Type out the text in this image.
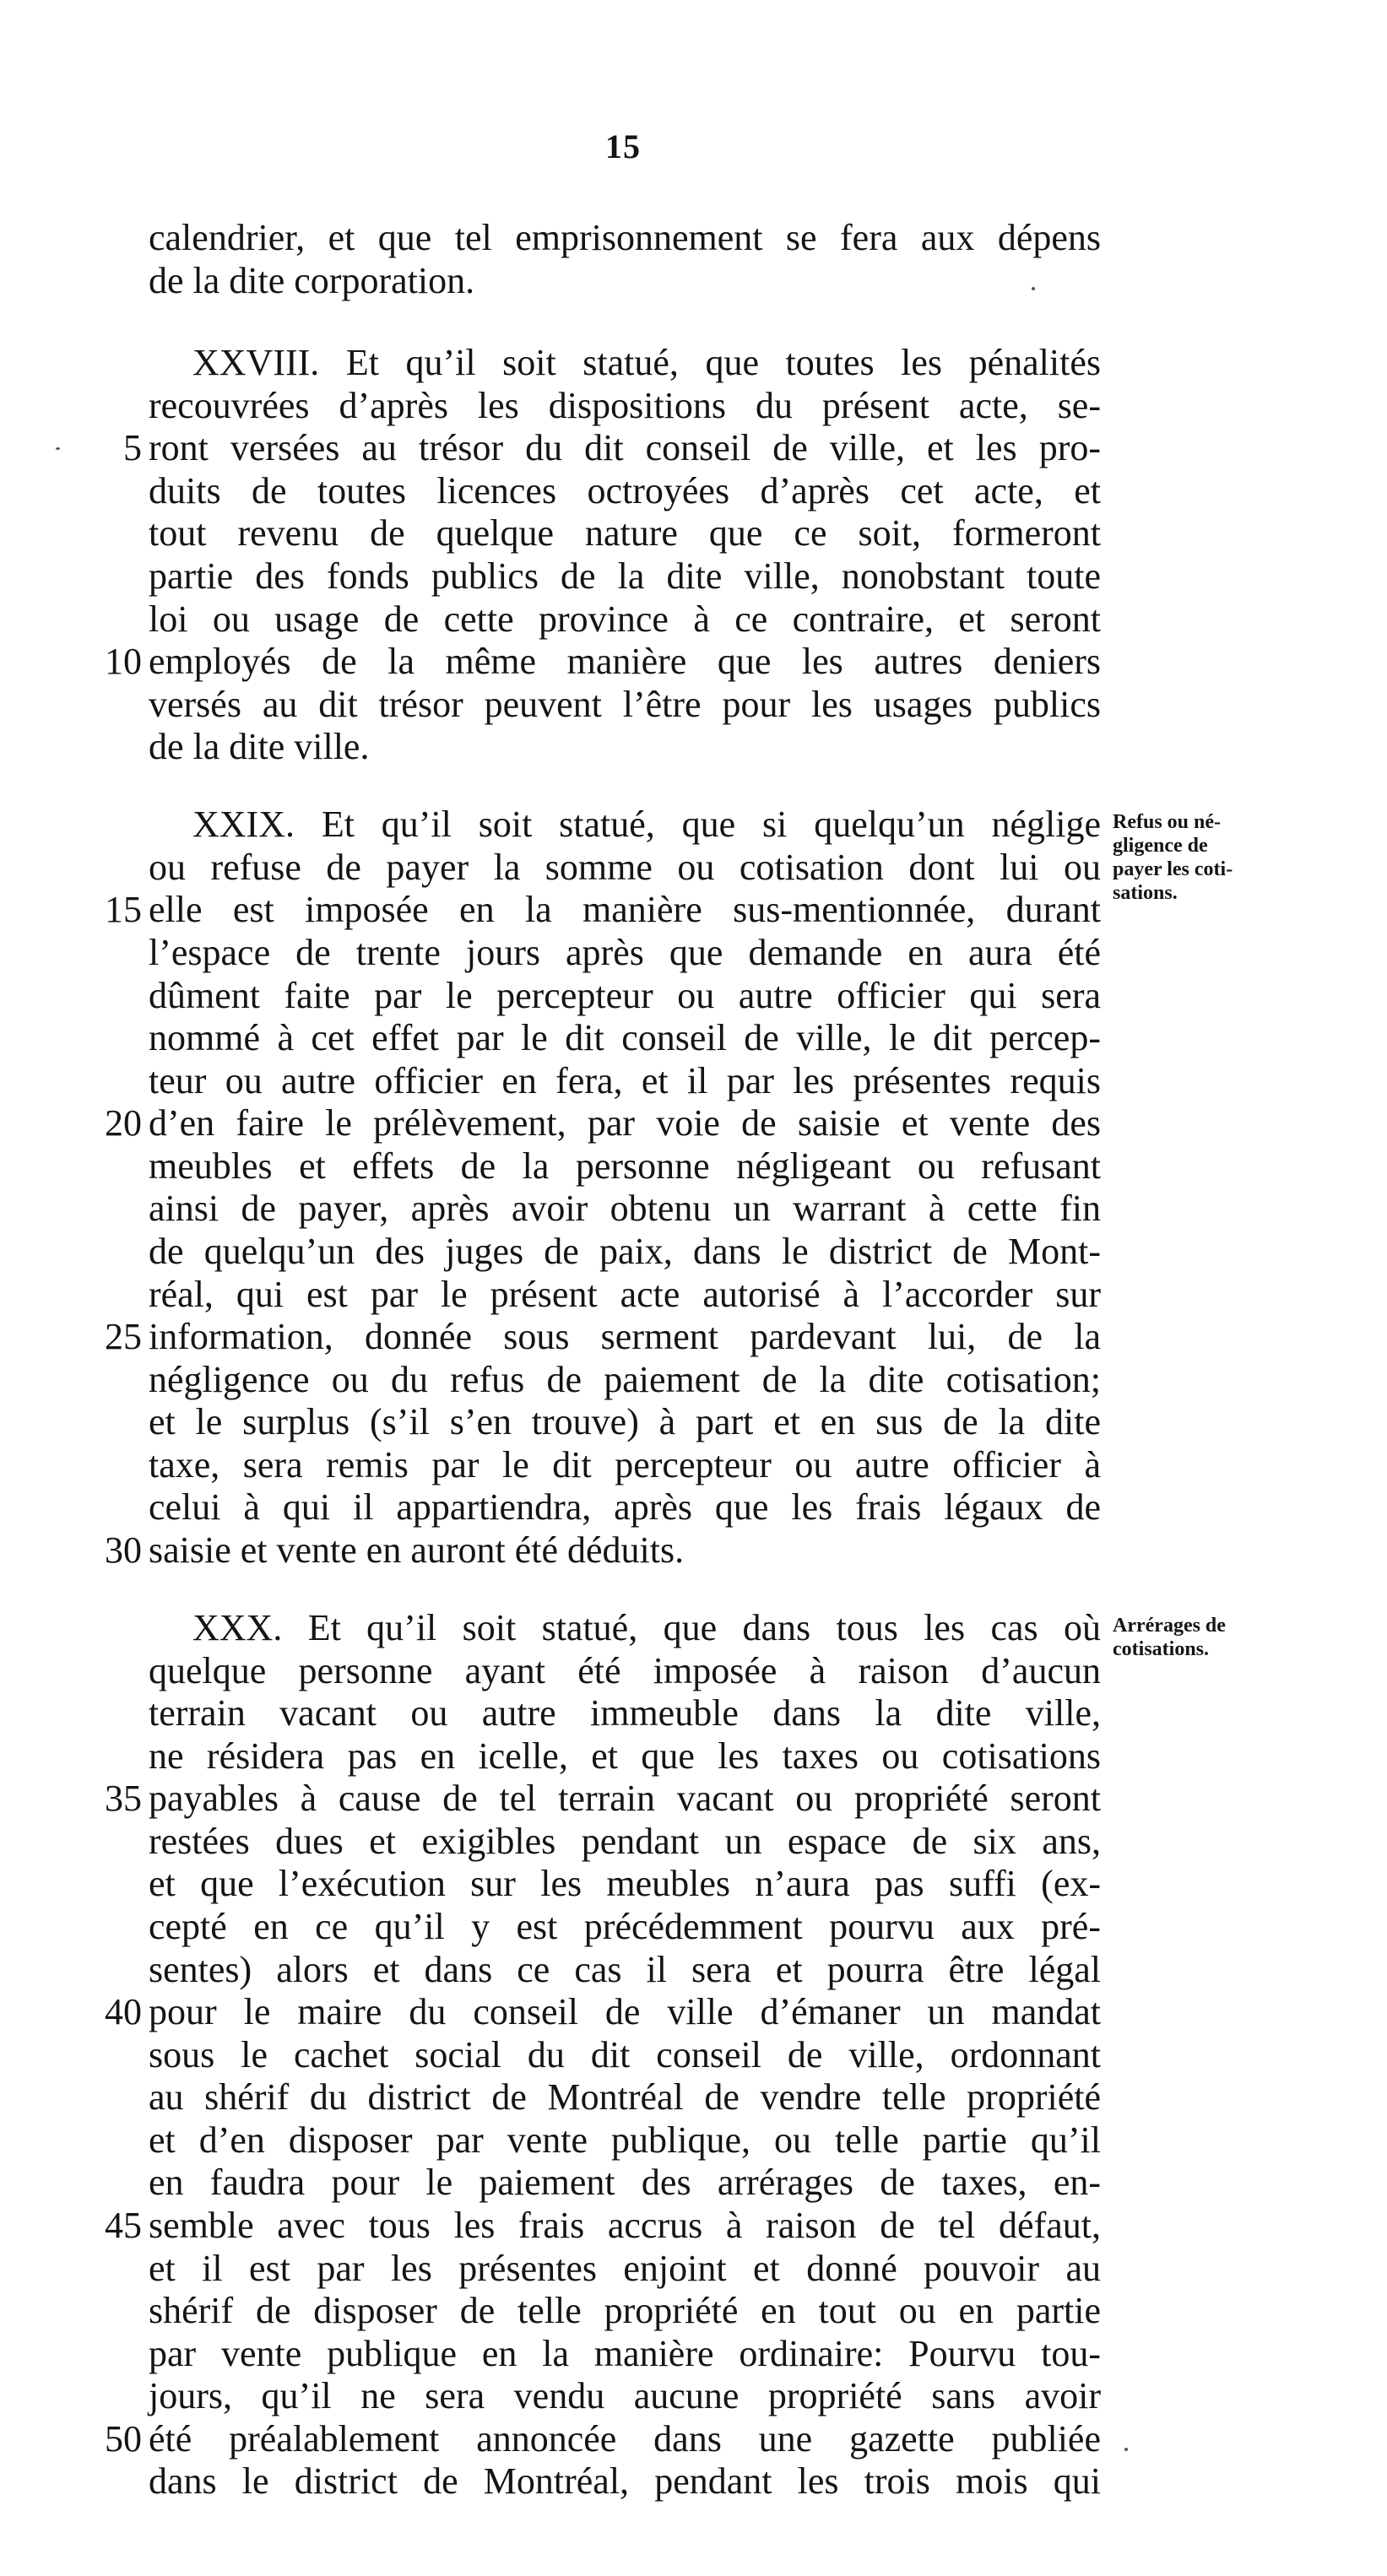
15
calendrier, et que tel emprisonnement se fera aux dépens
de la dite corporation.
XXVIII. Et qu’il soit statué, que toutes les pénalités
recouvrées d’après les dispositions du présent acte, se-
ront versées au trésor du dit conseil de ville, et les pro-
duits de toutes licences octroyées d’après cet acte, et
tout revenu de quelque nature que ce soit, formeront
partie des fonds publics de la dite ville, nonobstant toute
loi ou usage de cette province à ce contraire, et seront
employés de la même manière que les autres deniers
versés au dit trésor peuvent l’être pour les usages publics
de la dite ville.
XXIX. Et qu’il soit statué, que si quelqu’un néglige
ou refuse de payer la somme ou cotisation dont lui ou
elle est imposée en la manière sus-mentionnée, durant
l’espace de trente jours après que demande en aura été
dûment faite par le percepteur ou autre officier qui sera
nommé à cet effet par le dit conseil de ville, le dit percep-
teur ou autre officier en fera, et il par les présentes requis
d’en faire le prélèvement, par voie de saisie et vente des
meubles et effets de la personne négligeant ou refusant
ainsi de payer, après avoir obtenu un warrant à cette fin
de quelqu’un des juges de paix, dans le district de Mont-
réal, qui est par le présent acte autorisé à l’accorder sur
information, donnée sous serment pardevant lui, de la
négligence ou du refus de paiement de la dite cotisation;
et le surplus (s’il s’en trouve) à part et en sus de la dite
taxe, sera remis par le dit percepteur ou autre officier à
celui à qui il appartiendra, après que les frais légaux de
saisie et vente en auront été déduits.
XXX. Et qu’il soit statué, que dans tous les cas où
quelque personne ayant été imposée à raison d’aucun
terrain vacant ou autre immeuble dans la dite ville,
ne résidera pas en icelle, et que les taxes ou cotisations
payables à cause de tel terrain vacant ou propriété seront
restées dues et exigibles pendant un espace de six ans,
et que l’exécution sur les meubles n’aura pas suffi (ex-
cepté en ce qu’il y est précédemment pourvu aux pré-
sentes) alors et dans ce cas il sera et pourra être légal
pour le maire du conseil de ville d’émaner un mandat
sous le cachet social du dit conseil de ville, ordonnant
au shérif du district de Montréal de vendre telle propriété
et d’en disposer par vente publique, ou telle partie qu’il
en faudra pour le paiement des arrérages de taxes, en-
semble avec tous les frais accrus à raison de tel défaut,
et il est par les présentes enjoint et donné pouvoir au
shérif de disposer de telle propriété en tout ou en partie
par vente publique en la manière ordinaire: Pourvu tou-
jours, qu’il ne sera vendu aucune propriété sans avoir
été préalablement annoncée dans une gazette publiée
dans le district de Montréal, pendant les trois mois qui
5
10
15
20
25
30
35
40
45
50
Refus ou né-
gligence de
payer les coti-
sations.
Arrérages de
cotisations.
